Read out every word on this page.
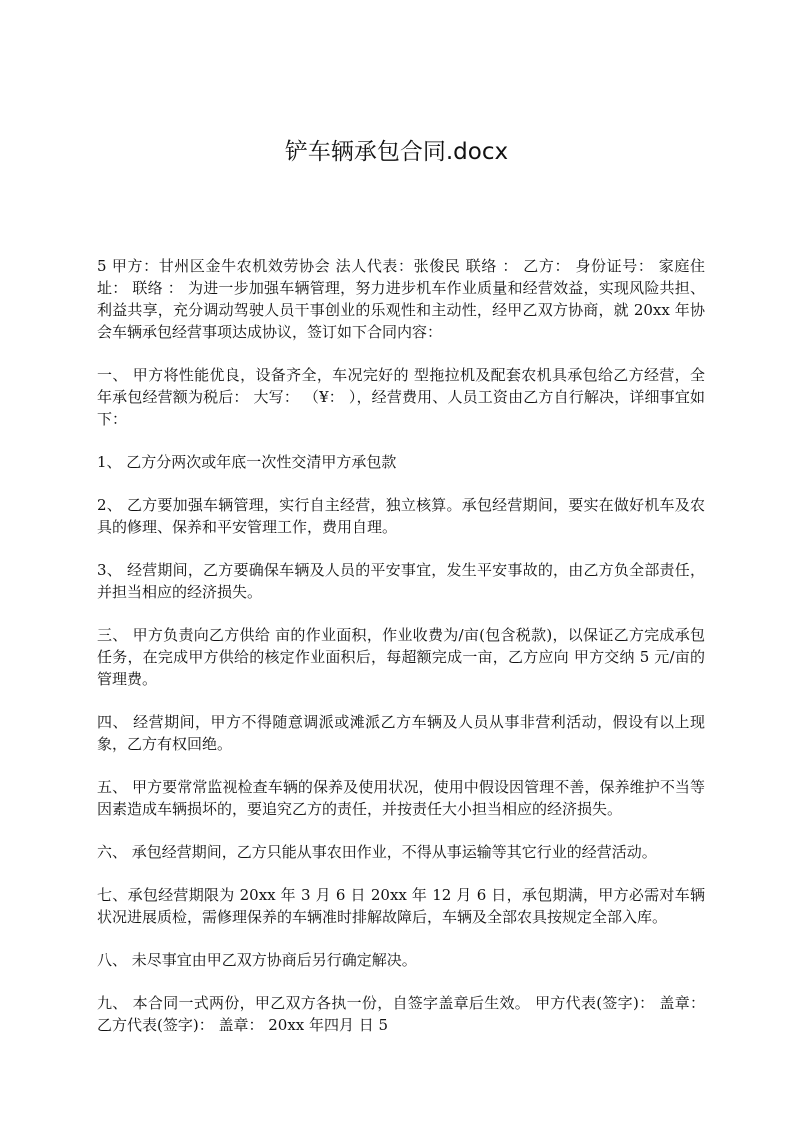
铲车辆承包合同.docx

5 甲方：甘州区金牛农机效劳协会 法人代表：张俊民 联络 ： 乙方： 身份证号： 家庭住址： 联络 ： 为进一步加强车辆管理，努力进步机车作业质量和经营效益，实现风险共担、利益共享，充分调动驾驶人员干事创业的乐观性和主动性，经甲乙双方协商，就 20xx 年协会车辆承包经营事项达成协议，签订如下合同内容：

一、 甲方将性能优良，设备齐全，车况完好的 型拖拉机及配套农机具承包给乙方经营，全年承包经营额为税后： 大写： （¥： ），经营费用、人员工资由乙方自行解决，详细事宜如下：

1、 乙方分两次或年底一次性交清甲方承包款

2、 乙方要加强车辆管理，实行自主经营，独立核算。承包经营期间，要实在做好机车及农具的修理、保养和平安管理工作，费用自理。

3、 经营期间，乙方要确保车辆及人员的平安事宜，发生平安事故的，由乙方负全部责任，并担当相应的经济损失。

三、 甲方负责向乙方供给 亩的作业面积，作业收费为/亩(包含税款)，以保证乙方完成承包任务，在完成甲方供给的核定作业面积后，每超额完成一亩，乙方应向 甲方交纳 5 元/亩的管理费。

四、 经营期间，甲方不得随意调派或滩派乙方车辆及人员从事非营利活动，假设有以上现象，乙方有权回绝。

五、 甲方要常常监视检查车辆的保养及使用状况，使用中假设因管理不善，保养维护不当等因素造成车辆损坏的，要追究乙方的责任，并按责任大小担当相应的经济损失。

六、 承包经营期间，乙方只能从事农田作业，不得从事运输等其它行业的经营活动。

七、承包经营期限为 20xx 年 3 月 6 日 20xx 年 12 月 6 日，承包期满，甲方必需对车辆状况进展质检，需修理保养的车辆准时排解故障后，车辆及全部农具按规定全部入库。

八、 未尽事宜由甲乙双方协商后另行确定解决。

九、 本合同一式两份，甲乙双方各执一份，自签字盖章后生效。 甲方代表(签字)： 盖章： 乙方代表(签字)： 盖章： 20xx 年四月 日 5
